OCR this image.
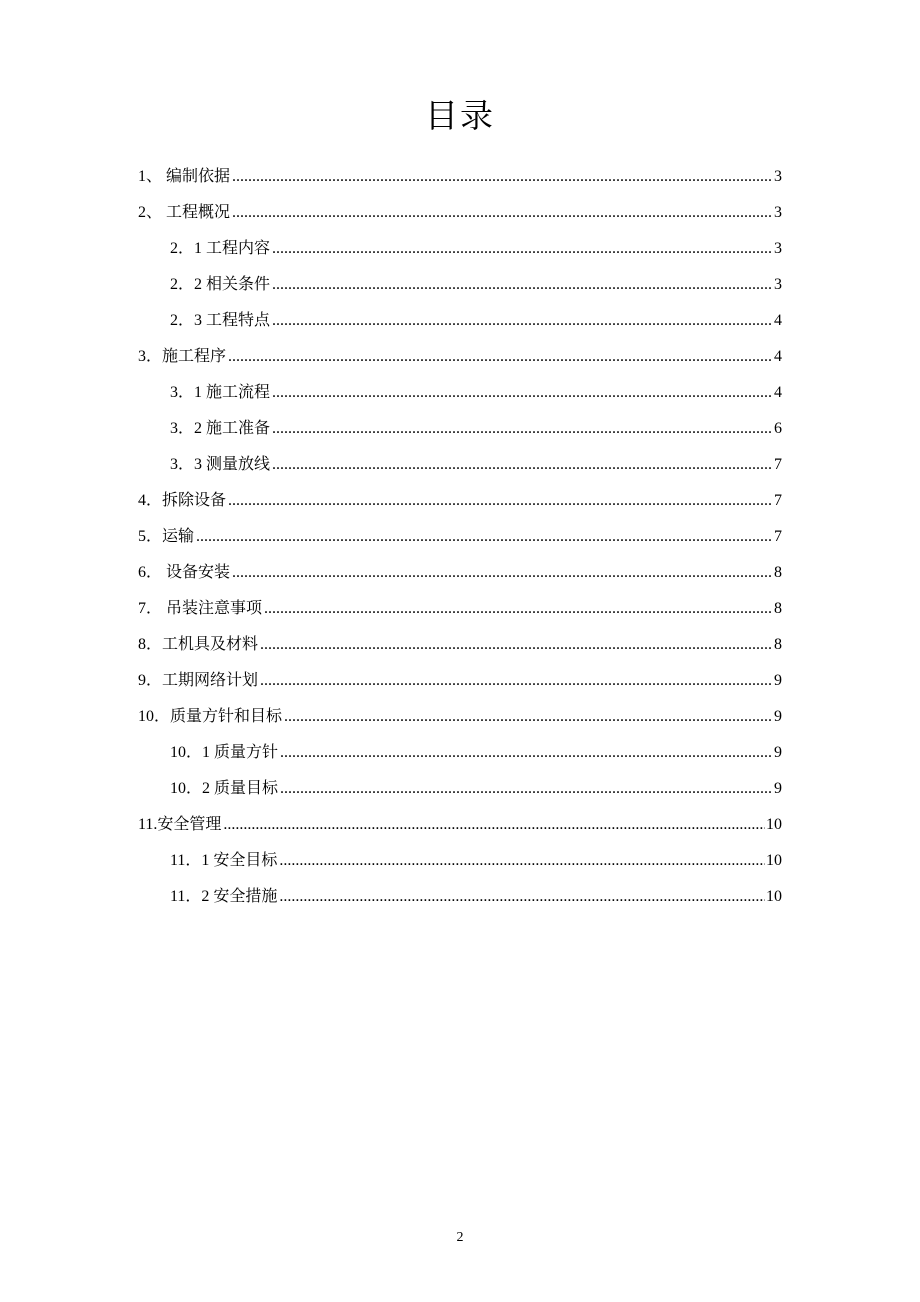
目录
1、 编制依据 .....	3
2、 工程概况 .....	3
2．1 工程内容 .....	3
2．2 相关条件 .....	3
2．3 工程特点 .....	4
3．施工程序 .....	4
3．1 施工流程 .....	4
3．2 施工准备 .....	6
3．3 测量放线 .....	7
4．拆除设备 .....	7
5．运输 .....	7
6． 设备安装 .....	8
7． 吊装注意事项 .....	8
8．工机具及材料 .....	8
9．工期网络计划 .....	9
10．质量方针和目标 .....	9
10．1 质量方针 .....	9
10．2 质量目标 .....	9
11.安全管理 .....	10
11．1 安全目标 .....	10
11．2 安全措施 .....	10
2
